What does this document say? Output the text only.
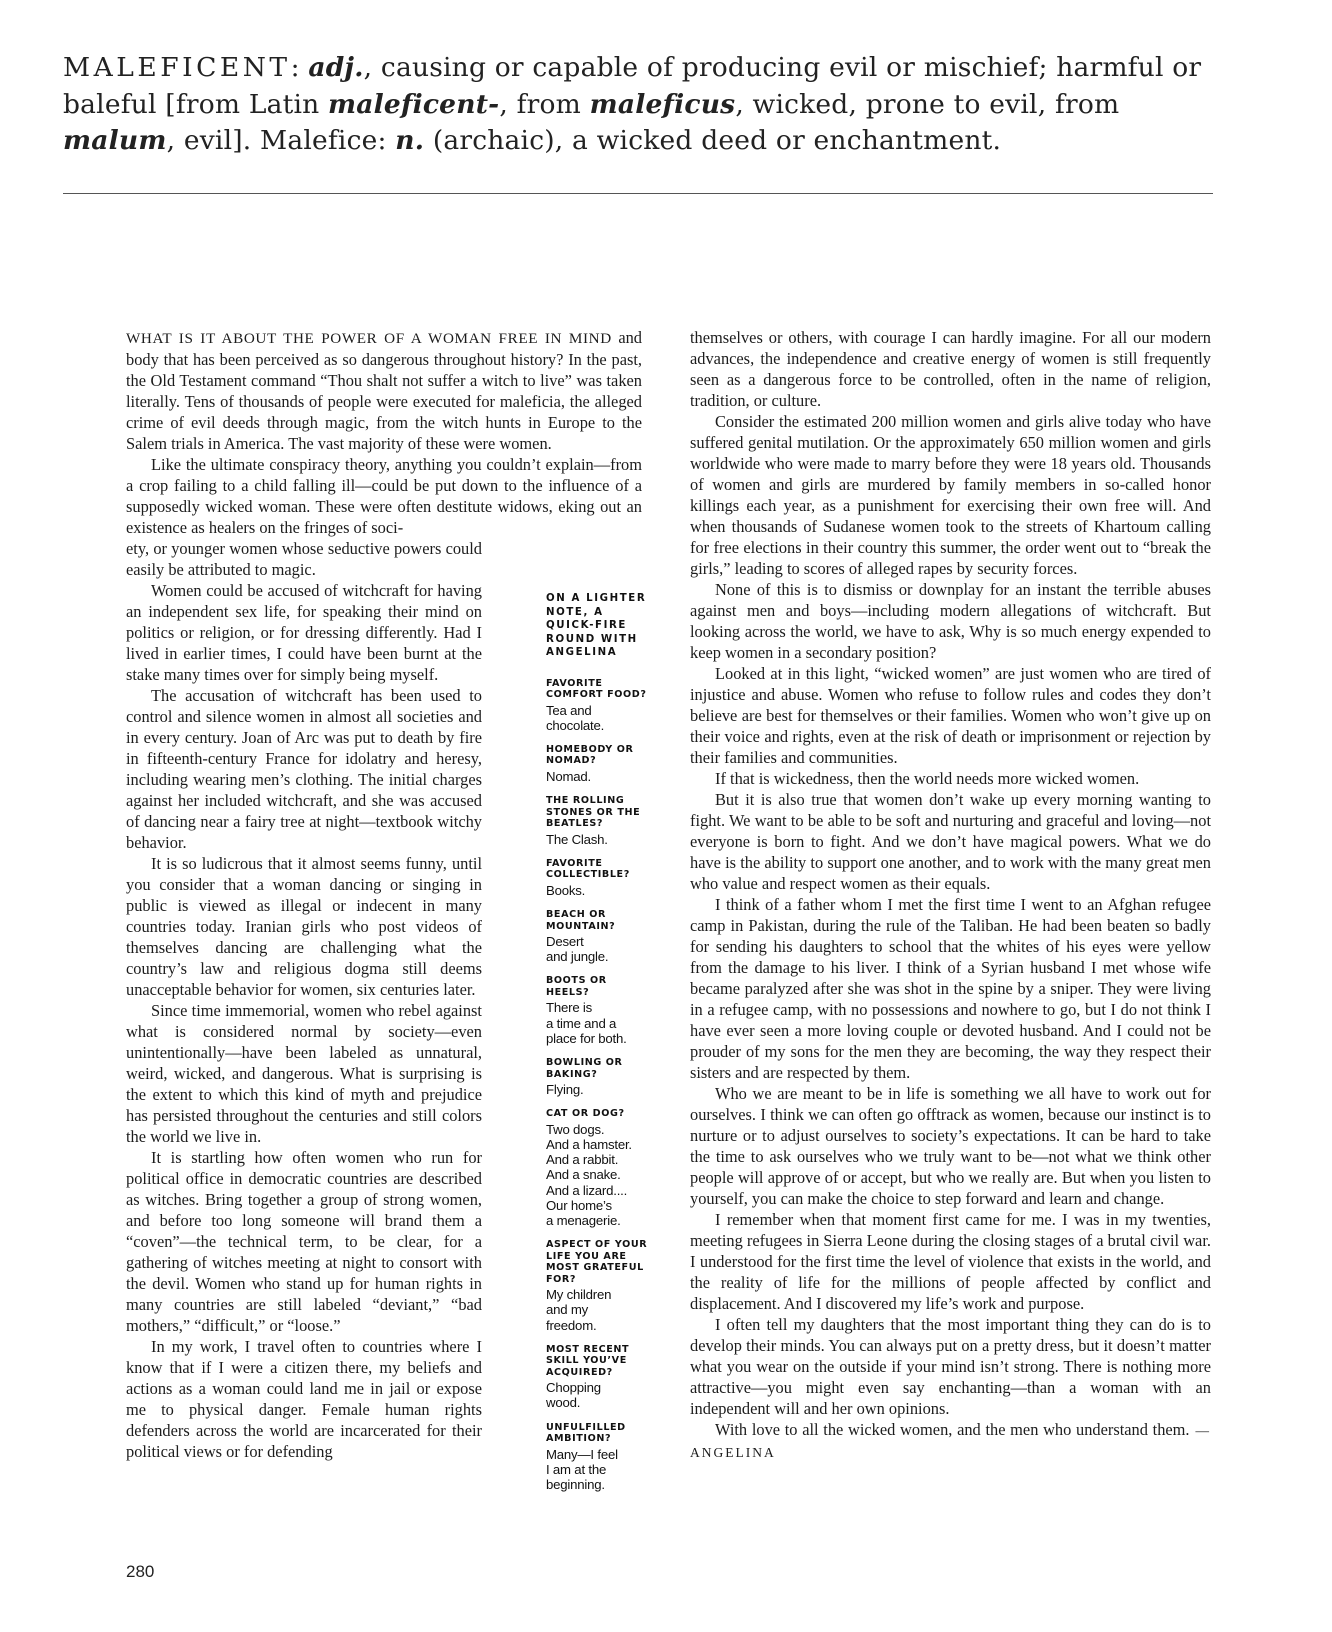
MALEFICENT: adj., causing or capable of producing evil or mischief; harmful or baleful [from Latin maleficent-, from maleficus, wicked, prone to evil, from malum, evil]. Malefice: n. (archaic), a wicked deed or enchantment.

WHAT IS IT ABOUT THE POWER OF A WOMAN FREE IN MIND and body that has been perceived as so dangerous throughout history? In the past, the Old Testament command “Thou shalt not suffer a witch to live” was taken literally. Tens of thousands of people were executed for maleficia, the alleged crime of evil deeds through magic, from the witch hunts in Europe to the Salem trials in America. The vast majority of these were women.

Like the ultimate conspiracy theory, anything you couldn’t explain—from a crop failing to a child falling ill—could be put down to the influence of a supposedly wicked woman. These were often destitute widows, eking out an existence as healers on the fringes of soci-

ety, or younger women whose seductive powers could easily be attributed to magic.

Women could be accused of witchcraft for having an independent sex life, for speaking their mind on politics or religion, or for dressing differently. Had I lived in earlier times, I could have been burnt at the stake many times over for simply being myself.

The accusation of witchcraft has been used to control and silence women in almost all societies and in every century. Joan of Arc was put to death by fire in fifteenth-century France for idolatry and heresy, including wearing men’s clothing. The initial charges against her included witchcraft, and she was accused of dancing near a fairy tree at night—textbook witchy behavior.

It is so ludicrous that it almost seems funny, until you consider that a woman dancing or singing in public is viewed as illegal or indecent in many countries today. Iranian girls who post videos of themselves dancing are challenging what the country’s law and religious dogma still deems unacceptable behavior for women, six centuries later.

Since time immemorial, women who rebel against what is considered normal by society—even unintentionally—have been labeled as unnatural, weird, wicked, and dangerous. What is surprising is the extent to which this kind of myth and prejudice has persisted throughout the centuries and still colors the world we live in.

It is startling how often women who run for political office in democratic countries are described as witches. Bring together a group of strong women, and before too long someone will brand them a “coven”—the technical term, to be clear, for a gathering of witches meeting at night to consort with the devil. Women who stand up for human rights in many countries are still labeled “deviant,” “bad mothers,” “difficult,” or “loose.”

In my work, I travel often to countries where I know that if I were a citizen there, my beliefs and actions as a woman could land me in jail or expose me to physical danger. Female human rights defenders across the world are incarcerated for their political views or for defending

ON A LIGHTER NOTE, A QUICK-FIRE ROUND WITH ANGELINA
FAVORITE COMFORT FOOD?
Tea and
chocolate.
HOMEBODY OR NOMAD?
Nomad.
THE ROLLING STONES OR THE BEATLES?
The Clash.
FAVORITE COLLECTIBLE?
Books.
BEACH OR MOUNTAIN?
Desert
and jungle.
BOOTS OR HEELS?
There is
a time and a
place for both.
BOWLING OR BAKING?
Flying.
CAT OR DOG?
Two dogs.
And a hamster.
And a rabbit.
And a snake.
And a lizard....
Our home’s
a menagerie.
ASPECT OF YOUR LIFE YOU ARE MOST GRATEFUL FOR?
My children
and my
freedom.
MOST RECENT SKILL YOU’VE ACQUIRED?
Chopping
wood.
UNFULFILLED AMBITION?
Many—I feel
I am at the
beginning.

themselves or others, with courage I can hardly imagine. For all our modern advances, the independence and creative energy of women is still frequently seen as a dangerous force to be controlled, often in the name of religion, tradition, or culture.

Consider the estimated 200 million women and girls alive today who have suffered genital mutilation. Or the approximately 650 million women and girls worldwide who were made to marry before they were 18 years old. Thousands of women and girls are murdered by family members in so-called honor killings each year, as a punishment for exercising their own free will. And when thousands of Sudanese women took to the streets of Khartoum calling for free elections in their country this summer, the order went out to “break the girls,” leading to scores of alleged rapes by security forces.

None of this is to dismiss or downplay for an instant the terrible abuses against men and boys—including modern allegations of witchcraft. But looking across the world, we have to ask, Why is so much energy expended to keep women in a secondary position?

Looked at in this light, “wicked women” are just women who are tired of injustice and abuse. Women who refuse to follow rules and codes they don’t believe are best for themselves or their families. Women who won’t give up on their voice and rights, even at the risk of death or imprisonment or rejection by their families and communities.

If that is wickedness, then the world needs more wicked women.

But it is also true that women don’t wake up every morning wanting to fight. We want to be able to be soft and nurturing and graceful and loving—not everyone is born to fight. And we don’t have magical powers. What we do have is the ability to support one another, and to work with the many great men who value and respect women as their equals.

I think of a father whom I met the first time I went to an Afghan refugee camp in Pakistan, during the rule of the Taliban. He had been beaten so badly for sending his daughters to school that the whites of his eyes were yellow from the damage to his liver. I think of a Syrian husband I met whose wife became paralyzed after she was shot in the spine by a sniper. They were living in a refugee camp, with no possessions and nowhere to go, but I do not think I have ever seen a more loving couple or devoted husband. And I could not be prouder of my sons for the men they are becoming, the way they respect their sisters and are respected by them.

Who we are meant to be in life is something we all have to work out for ourselves. I think we can often go offtrack as women, because our instinct is to nurture or to adjust ourselves to society’s expectations. It can be hard to take the time to ask ourselves who we truly want to be—not what we think other people will approve of or accept, but who we really are. But when you listen to yourself, you can make the choice to step forward and learn and change.

I remember when that moment first came for me. I was in my twenties, meeting refugees in Sierra Leone during the closing stages of a brutal civil war. I understood for the first time the level of violence that exists in the world, and the reality of life for the millions of people affected by conflict and displacement. And I discovered my life’s work and purpose.

I often tell my daughters that the most important thing they can do is to develop their minds. You can always put on a pretty dress, but it doesn’t matter what you wear on the outside if your mind isn’t strong. There is nothing more attractive—you might even say enchanting—than a woman with an independent will and her own opinions.

With love to all the wicked women, and the men who understand them. —ANGELINA

280
